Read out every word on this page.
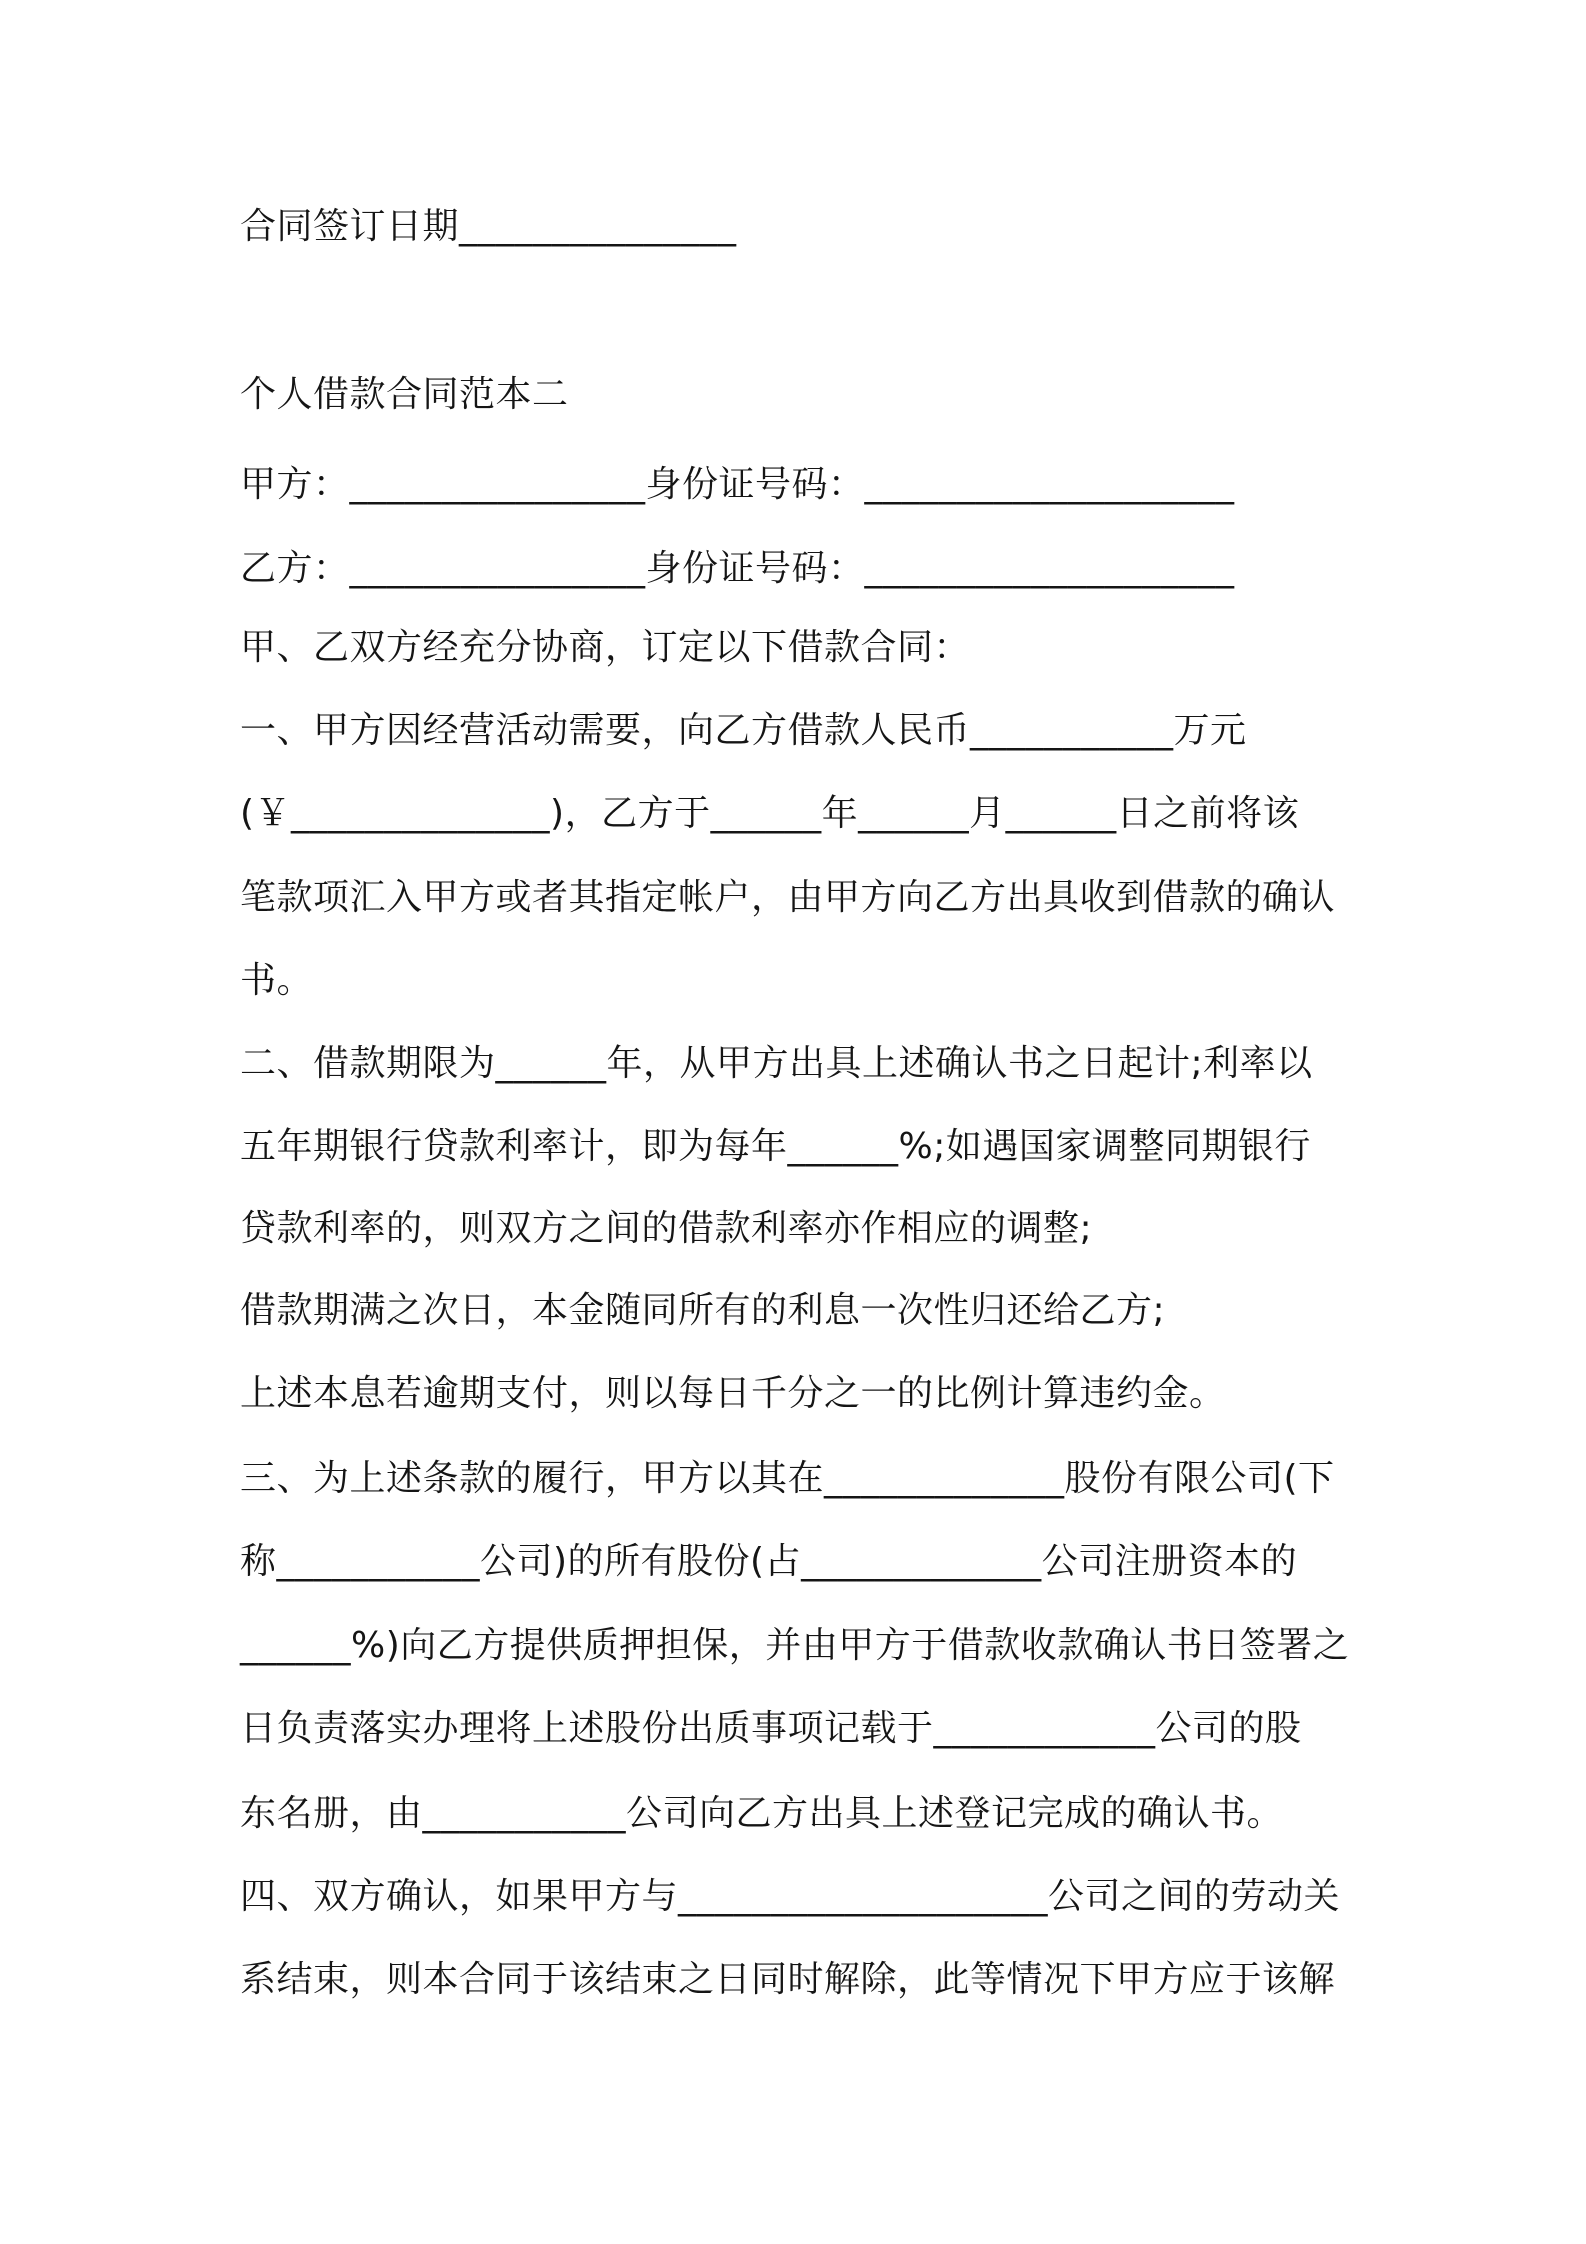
合同签订日期_______________
个人借款合同范本二
甲方：________________身份证号码：____________________
乙方：________________身份证号码：____________________
甲、乙双方经充分协商，订定以下借款合同：
一、甲方因经营活动需要，向乙方借款人民币___________万元
(￥______________)，乙方于______年______月______日之前将该
笔款项汇入甲方或者其指定帐户，由甲方向乙方出具收到借款的确认
书。
二、借款期限为______年，从甲方出具上述确认书之日起计;利率以
五年期银行贷款利率计，即为每年______%;如遇国家调整同期银行
贷款利率的，则双方之间的借款利率亦作相应的调整;
借款期满之次日，本金随同所有的利息一次性归还给乙方;
上述本息若逾期支付，则以每日千分之一的比例计算违约金。
三、为上述条款的履行，甲方以其在_____________股份有限公司(下
称___________公司)的所有股份(占_____________公司注册资本的
______%)向乙方提供质押担保，并由甲方于借款收款确认书日签署之
日负责落实办理将上述股份出质事项记载于____________公司的股
东名册，由___________公司向乙方出具上述登记完成的确认书。
四、双方确认，如果甲方与____________________公司之间的劳动关
系结束，则本合同于该结束之日同时解除，此等情况下甲方应于该解
